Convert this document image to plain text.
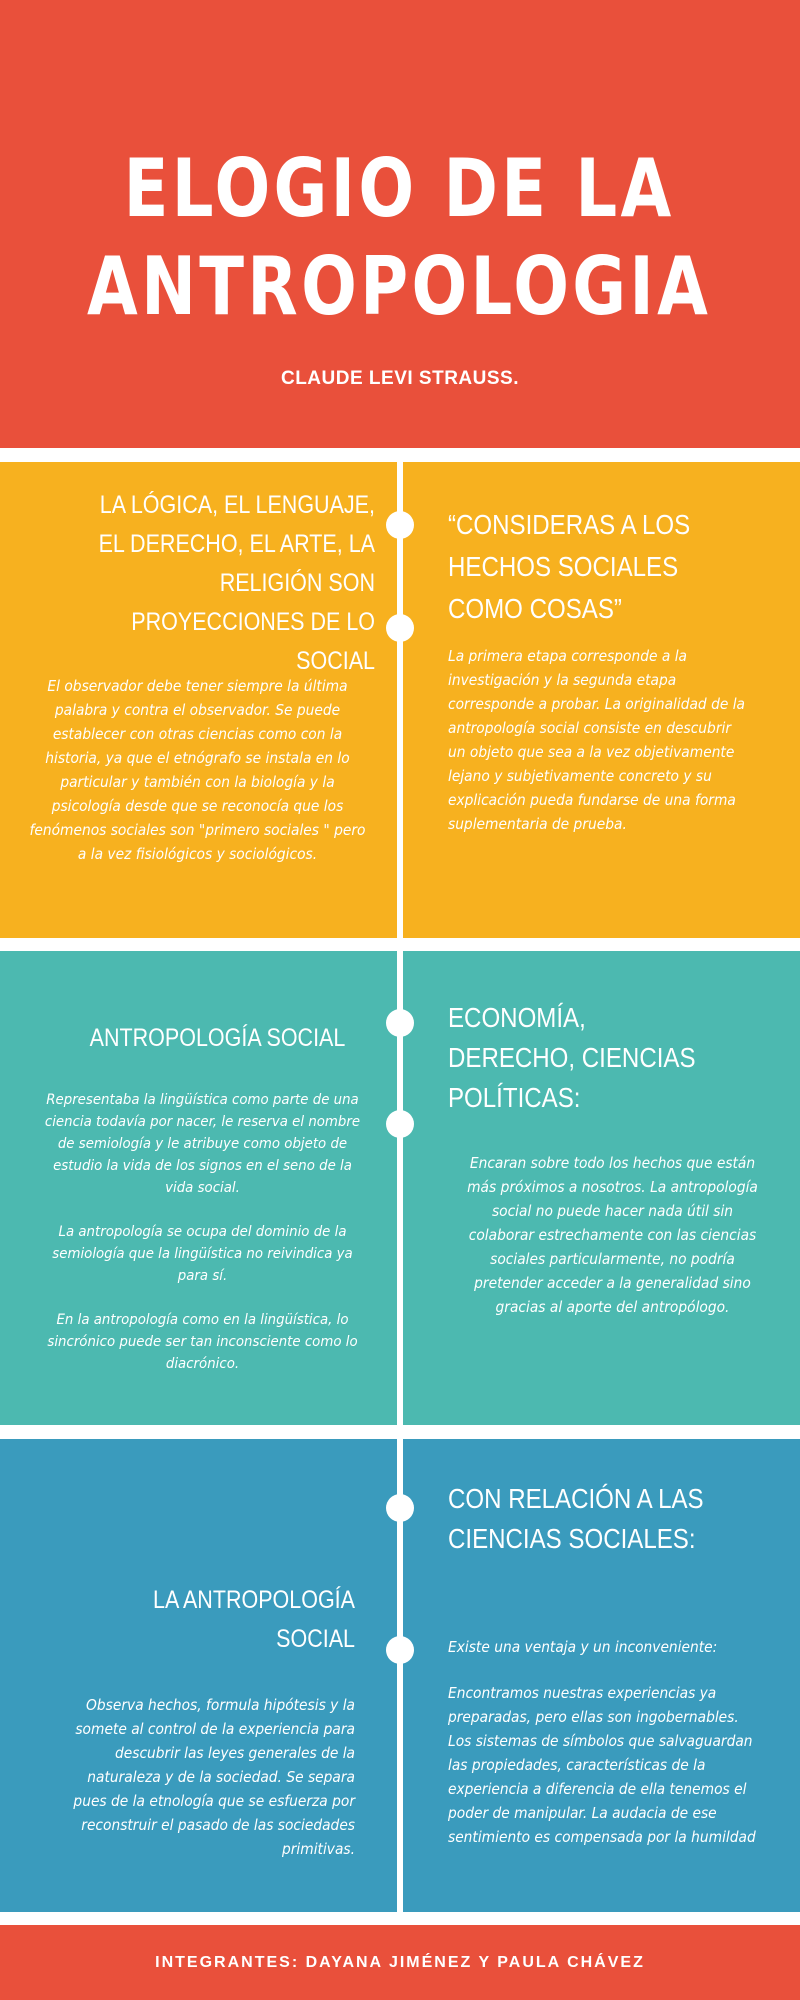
ELOGIO DE LA
ANTROPOLOGIA
CLAUDE LEVI STRAUSS.
LA LÓGICA, EL LENGUAJE, EL DERECHO, EL ARTE, LA RELIGIÓN SON PROYECCIONES DE LO SOCIAL
El observador debe tener siempre la última palabra y contra el observador. Se puede establecer con otras ciencias como con la historia, ya que el etnógrafo se instala en lo particular y también con la biología y la psicología desde que se reconocía que los fenómenos sociales son "primero sociales " pero a la vez fisiológicos y sociológicos.
“CONSIDERAS A LOS HECHOS SOCIALES COMO COSAS”
La primera etapa corresponde a la investigación y la segunda etapa corresponde a probar. La originalidad de la antropología social consiste en descubrir un objeto que sea a la vez objetivamente lejano y subjetivamente concreto y su explicación pueda fundarse de una forma suplementaria de prueba.
ANTROPOLOGÍA SOCIAL

Representaba la lingüística como parte de una ciencia todavía por nacer, le reserva el nombre de semiología y le atribuye como objeto de estudio la vida de los signos en el seno de la vida social.

La antropología se ocupa del dominio de la semiología que la lingüística no reivindica ya para sí.

En la antropología como en la lingüística, lo sincrónico puede ser tan inconsciente como lo diacrónico.

ECONOMÍA, DERECHO, CIENCIAS POLÍTICAS:
Encaran sobre todo los hechos que están más próximos a nosotros. La antropología social no puede hacer nada útil sin colaborar estrechamente con las ciencias sociales particularmente, no podría pretender acceder a la generalidad sino gracias al aporte del antropólogo.
LA ANTROPOLOGÍA SOCIAL
Observa hechos, formula hipótesis y la somete al control de la experiencia para descubrir las leyes generales de la naturaleza y de la sociedad. Se separa pues de la etnología que se esfuerza por reconstruir el pasado de las sociedades primitivas.
CON RELACIÓN A LAS CIENCIAS SOCIALES:

Existe una ventaja y un inconveniente:

Encontramos nuestras experiencias ya preparadas, pero ellas son ingobernables. Los sistemas de símbolos que salvaguardan las propiedades, características de la experiencia a diferencia de ella tenemos el poder de manipular. La audacia de ese sentimiento es compensada por la humildad

INTEGRANTES: DAYANA JIMÉNEZ Y PAULA CHÁVEZ
